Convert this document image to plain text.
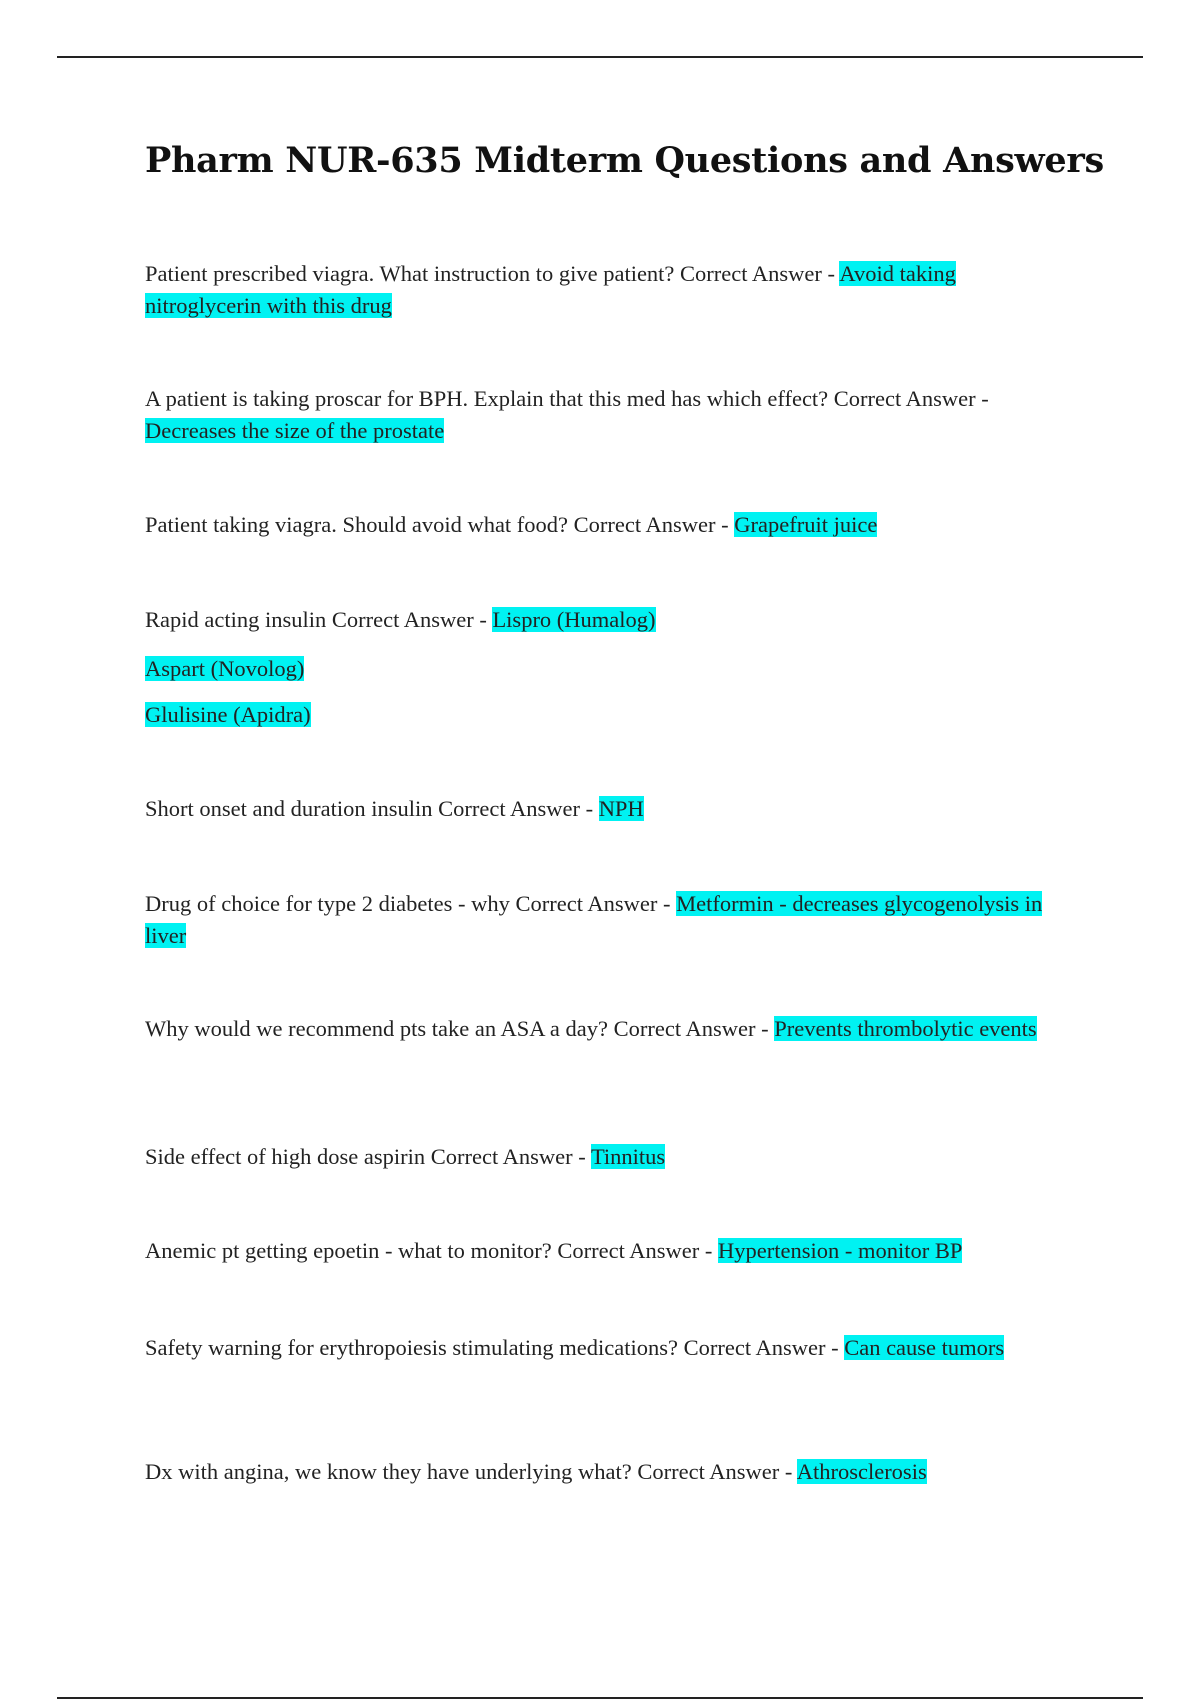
Pharm NUR-635 Midterm Questions and Answers

Patient prescribed viagra. What instruction to give patient? Correct Answer - Avoid taking nitroglycerin with this drug

A patient is taking proscar for BPH. Explain that this med has which effect? Correct Answer - Decreases the size of the prostate

Patient taking viagra. Should avoid what food? Correct Answer - Grapefruit juice

Rapid acting insulin Correct Answer - Lispro (Humalog)

Aspart (Novolog)

Glulisine (Apidra)

Short onset and duration insulin Correct Answer - NPH

Drug of choice for type 2 diabetes - why Correct Answer - Metformin - decreases glycogenolysis in liver

Why would we recommend pts take an ASA a day? Correct Answer - Prevents thrombolytic events

Side effect of high dose aspirin Correct Answer - Tinnitus

Anemic pt getting epoetin - what to monitor? Correct Answer - Hypertension - monitor BP

Safety warning for erythropoiesis stimulating medications? Correct Answer - Can cause tumors

Dx with angina, we know they have underlying what? Correct Answer - Athrosclerosis
